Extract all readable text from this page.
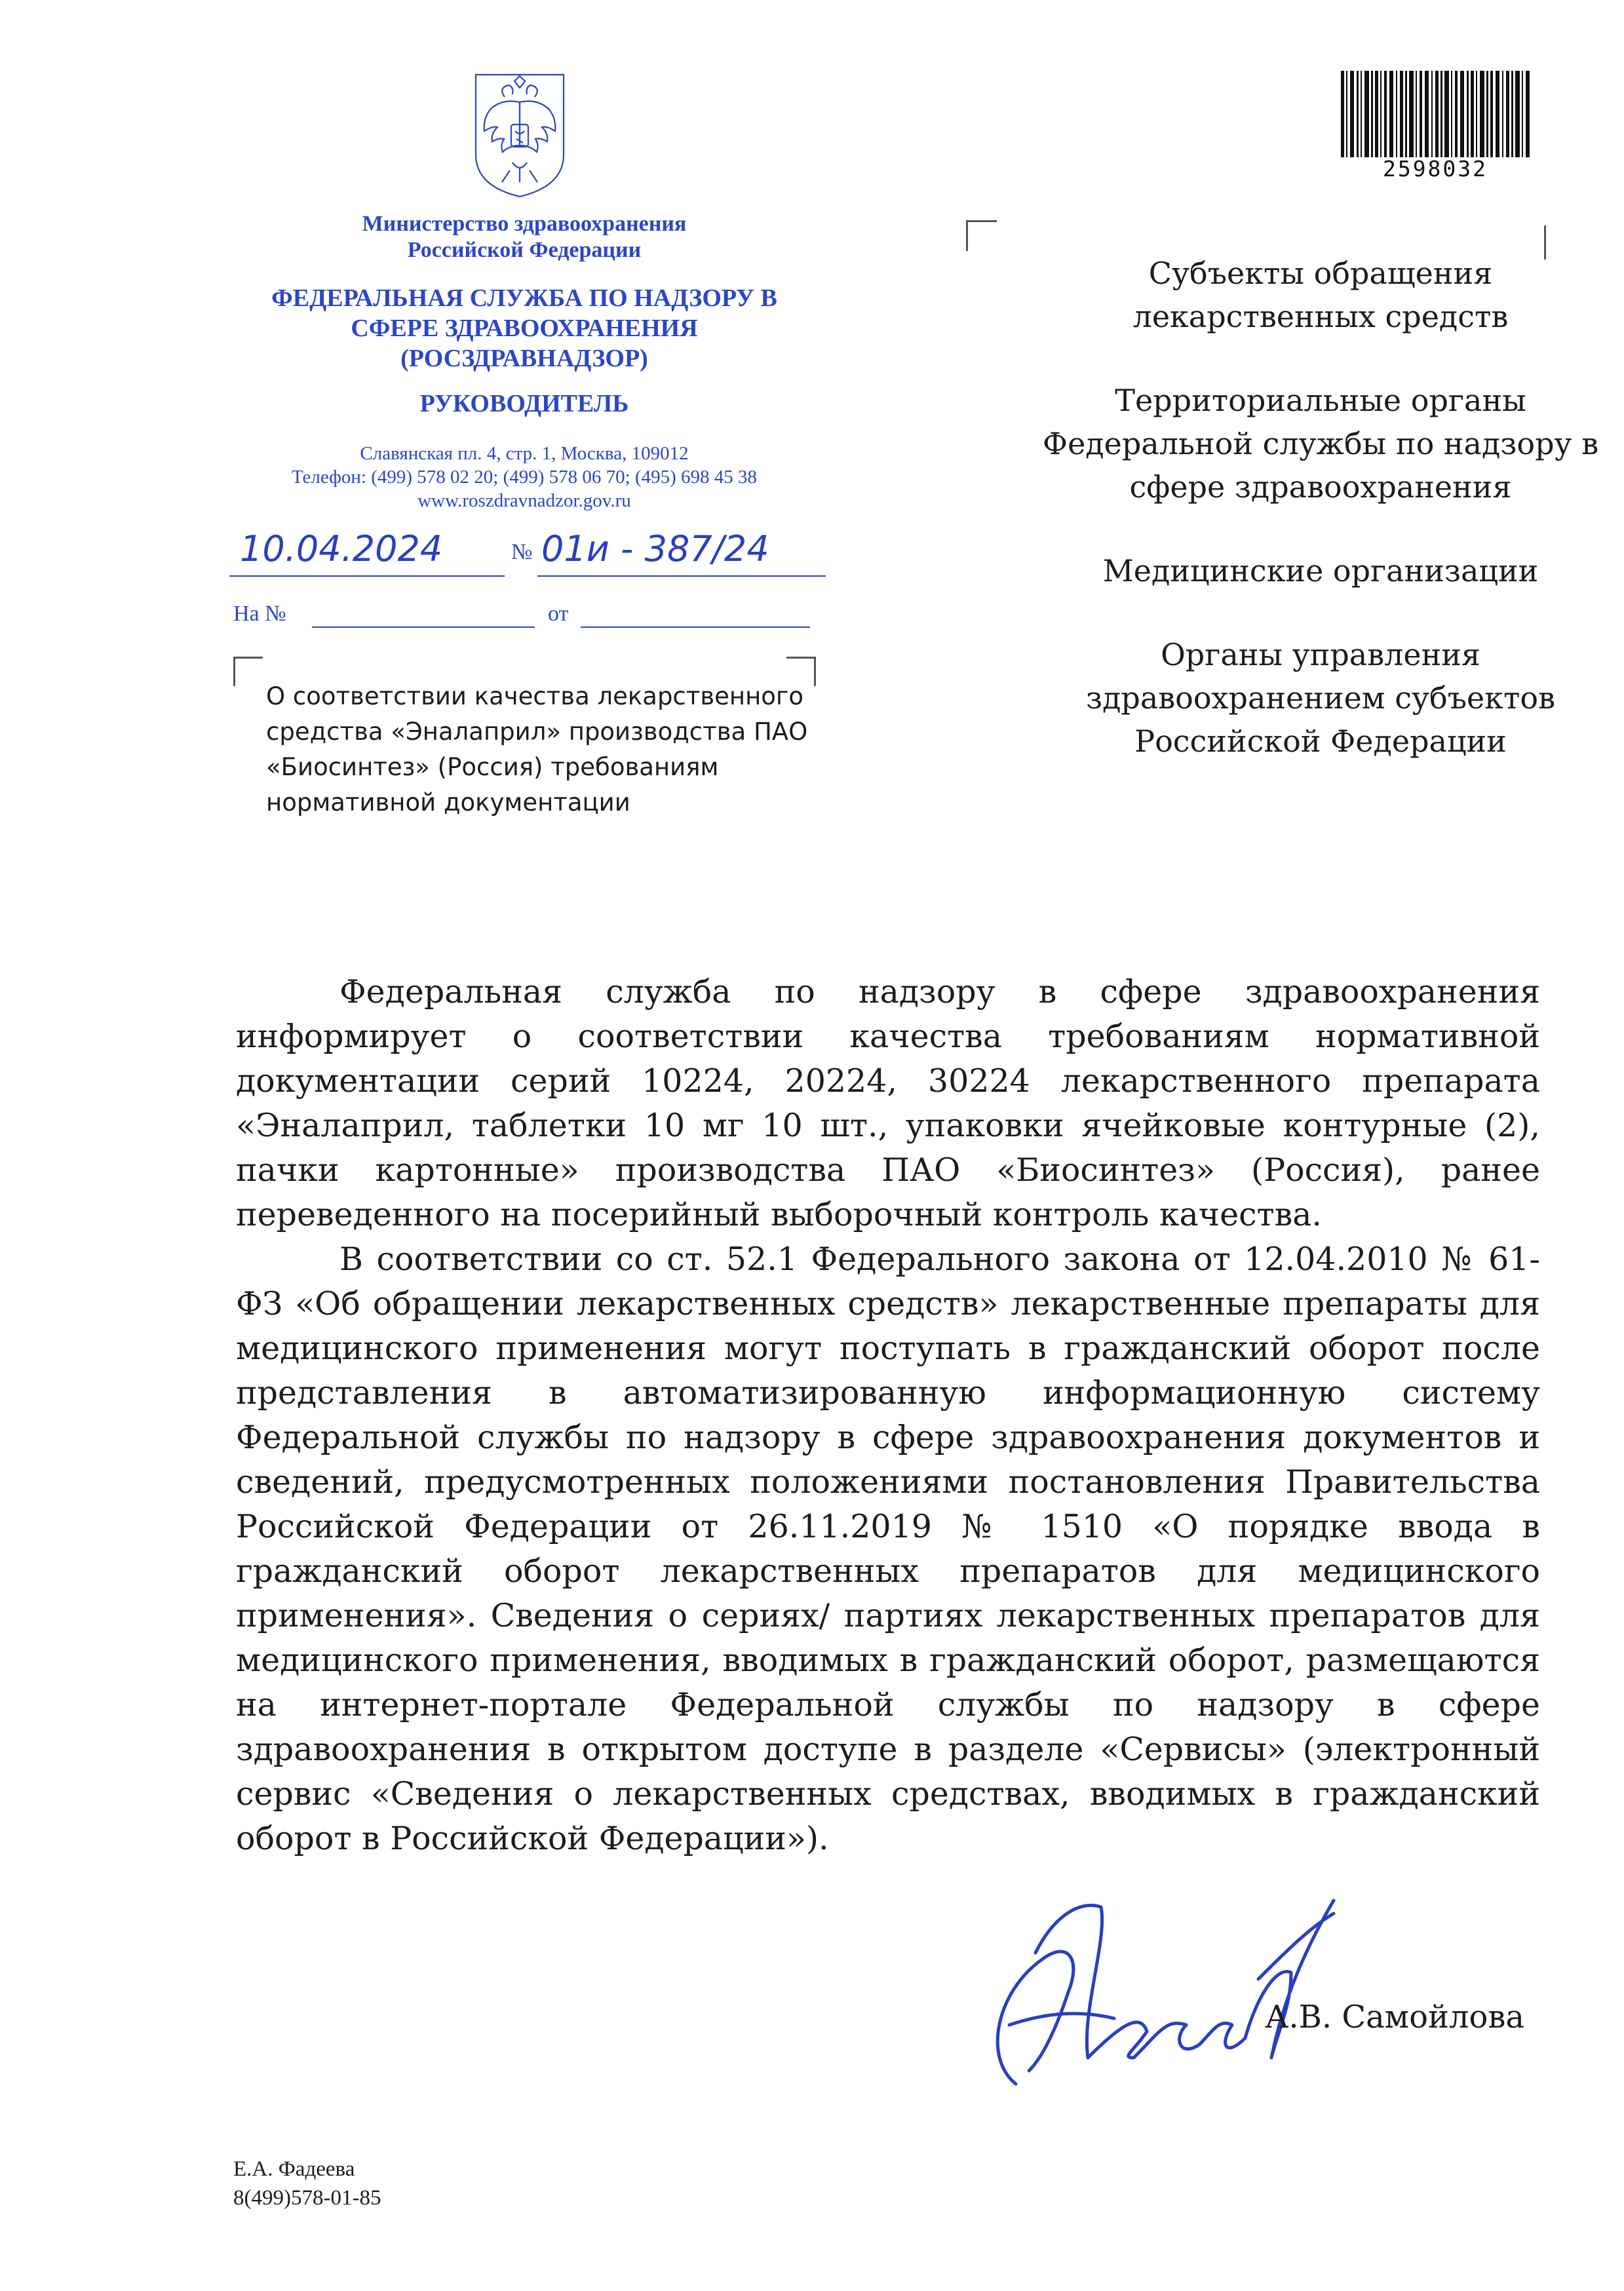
2598032
Министерство здравоохранения Российской Федерации
ФЕДЕРАЛЬНАЯ СЛУЖБА ПО НАДЗОРУ В СФЕРЕ ЗДРАВООХРАНЕНИЯ (РОСЗДРАВНАДЗОР)
РУКОВОДИТЕЛЬ
Славянская пл. 4, стр. 1, Москва, 109012
Телефон: (499) 578 02 20; (499) 578 06 70; (495) 698 45 38
www.roszdravnadzor.gov.ru
10.04.2024	№ 01и - 387/24
На №	от
О соответствии качества лекарственного средства «Эналаприл» производства ПАО «Биосинтез» (Россия) требованиям нормативной документации
Субъекты обращения лекарственных средств
Территориальные органы Федеральной службы по надзору в сфере здравоохранения
Медицинские организации
Органы управления здравоохранением субъектов Российской Федерации

Федеральная служба по надзору в сфере здравоохранения информирует о соответствии качества требованиям нормативной документации серий 10224, 20224, 30224 лекарственного препарата «Эналаприл, таблетки 10 мг 10 шт., упаковки ячейковые контурные (2), пачки картонные» производства ПАО «Биосинтез» (Россия), ранее переведенного на посерийный выборочный контроль качества.

В соответствии со ст. 52.1 Федерального закона от 12.04.2010 № 61-ФЗ «Об обращении лекарственных средств» лекарственные препараты для медицинского применения могут поступать в гражданский оборот после представления в автоматизированную информационную систему Федеральной службы по надзору в сфере здравоохранения документов и сведений, предусмотренных положениями постановления Правительства Российской Федерации от 26.11.2019 № 1510 «О порядке ввода в гражданский оборот лекарственных препаратов для медицинского применения». Сведения о сериях/ партиях лекарственных препаратов для медицинского применения, вводимых в гражданский оборот, размещаются на интернет-портале Федеральной службы по надзору в сфере здравоохранения в открытом доступе в разделе «Сервисы» (электронный сервис «Сведения о лекарственных средствах, вводимых в гражданский оборот в Российской Федерации»).

А.В. Самойлова
Е.А. Фадеева
8(499)578-01-85
